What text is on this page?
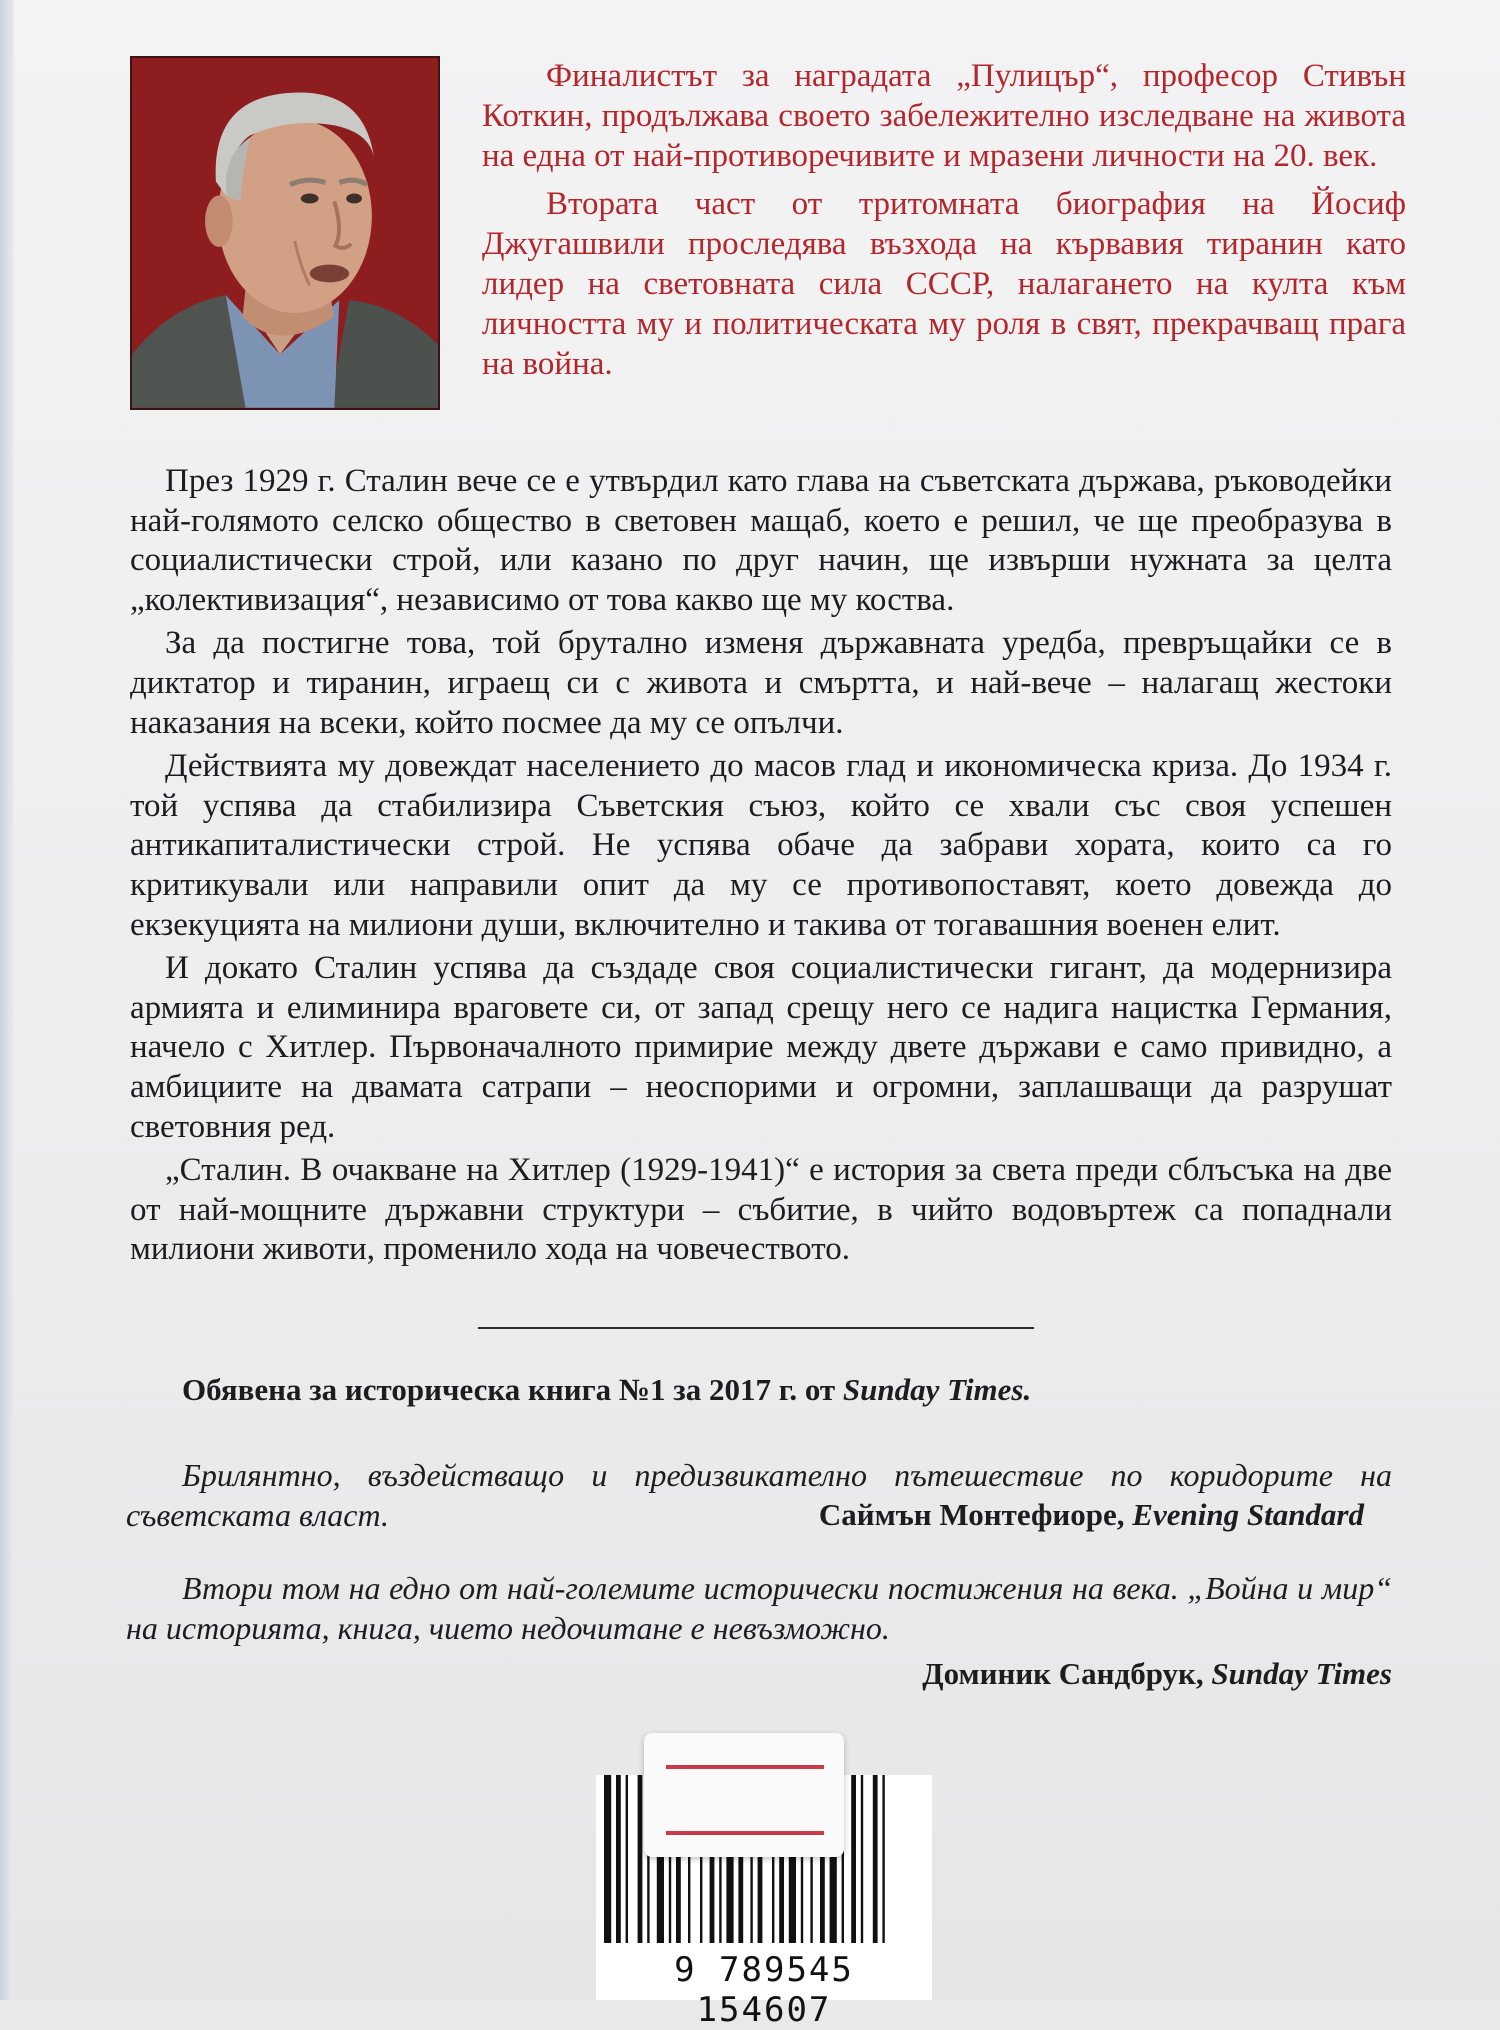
Финалистът за наградата „Пулицър“, професор Стивън Коткин, продължава своето забележително изследване на живота на една от най-противоречивите и мразени личности на 20. век.

Втората част от тритомната биография на Йосиф Джугашвили проследява възхода на кървавия тиранин като лидер на световната сила СССР, налагането на култа към личността му и политическата му роля в свят, прекрачващ прага на война.

През 1929 г. Сталин вече се е утвърдил като глава на съветската държава, ръководейки най-голямото селско общество в световен мащаб, което е решил, че ще преобразува в социалистически строй, или казано по друг начин, ще извърши нужната за целта „колективизация“, независимо от това какво ще му коства.

За да постигне това, той брутално изменя държавната уредба, превръщайки се в диктатор и тиранин, играещ си с живота и смъртта, и най-вече – налагащ жестоки наказания на всеки, който посмее да му се опълчи.

Действията му довеждат населението до масов глад и икономическа криза. До 1934 г. той успява да стабилизира Съветския съюз, който се хвали със своя успешен антикапиталистически строй. Не успява обаче да забрави хората, които са го критикували или направили опит да му се противопоставят, което довежда до екзекуцията на милиони души, включително и такива от тогавашния военен елит.

И докато Сталин успява да създаде своя социалистически гигант, да модернизира армията и елиминира враговете си, от запад срещу него се надига нацистка Германия, начело с Хитлер. Първоначалното примирие между двете държави е само привидно, а амбициите на двамата сатрапи – неоспорими и огромни, заплашващи да разрушат световния ред.

„Сталин. В очакване на Хитлер (1929-1941)“ е история за света преди сблъсъка на две от най-мощните държавни структури – събитие, в чийто водовъртеж са попаднали милиони животи, променило хода на човечеството.

Обявена за историческа книга №1 за 2017 г. от Sunday Times.

Брилянтно, въздействащо и предизвикателно пътешествие по коридорите на съветската власт.	Саймън Монтефиоре, Evening Standard

Втори том на едно от най-големите исторически постижения на века. „Война и мир“ на историята, книга, чието недочитане е невъзможно.

Доминик Сандбрук, Sunday Times

9 789545 154607
